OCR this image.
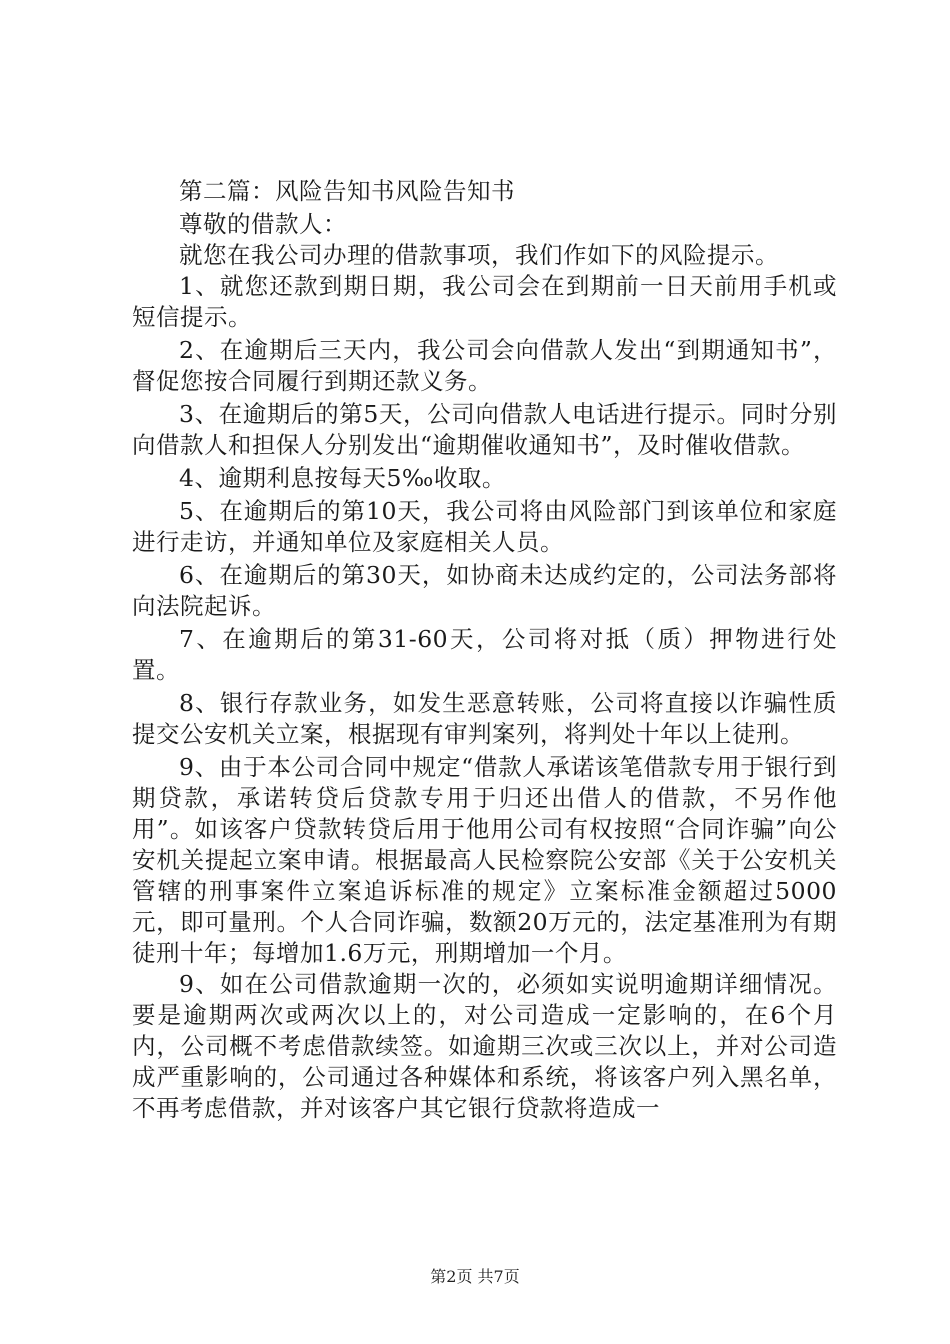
第二篇：风险告知书风险告知书

尊敬的借款人：

就您在我公司办理的借款事项，我们作如下的风险提示。

1、就您还款到期日期，我公司会在到期前一日天前用手机或短信提示。

2、在逾期后三天内，我公司会向借款人发出“到期通知书”，督促您按合同履行到期还款义务。

3、在逾期后的第5天，公司向借款人电话进行提示。同时分别向借款人和担保人分别发出“逾期催收通知书”，及时催收借款。

4、逾期利息按每天5‰收取。

5、在逾期后的第10天，我公司将由风险部门到该单位和家庭进行走访，并通知单位及家庭相关人员。

6、在逾期后的第30天，如协商未达成约定的，公司法务部将向法院起诉。

7、在逾期后的第31-60天，公司将对抵（质）押物进行处置。

8、银行存款业务，如发生恶意转账，公司将直接以诈骗性质提交公安机关立案，根据现有审判案列，将判处十年以上徒刑。

9、由于本公司合同中规定“借款人承诺该笔借款专用于银行到期贷款，承诺转贷后贷款专用于归还出借人的借款，不另作他用”。如该客户贷款转贷后用于他用公司有权按照“合同诈骗”向公安机关提起立案申请。根据最高人民检察院公安部《关于公安机关管辖的刑事案件立案追诉标准的规定》立案标准金额超过5000元，即可量刑。个人合同诈骗，数额20万元的，法定基准刑为有期徒刑十年；每增加1.6万元，刑期增加一个月。

9、如在公司借款逾期一次的，必须如实说明逾期详细情况。要是逾期两次或两次以上的，对公司造成一定影响的，在6个月内，公司概不考虑借款续签。如逾期三次或三次以上，并对公司造成严重影响的，公司通过各种媒体和系统，将该客户列入黑名单，不再考虑借款，并对该客户其它银行贷款将造成一

第2页 共7页
